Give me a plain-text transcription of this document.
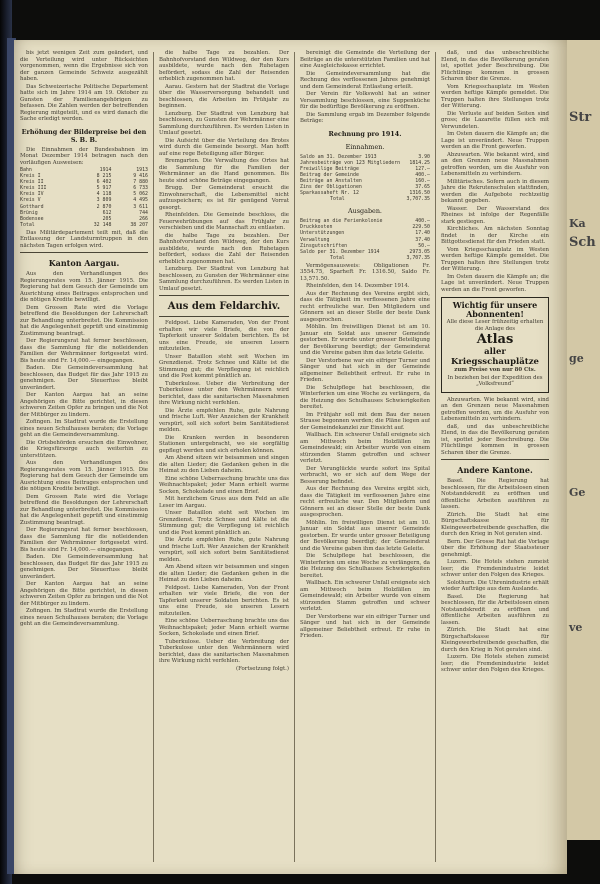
Str
Ka
Sch
ge
Ge
ve

bis jetzt wenigen Zeit zum geändert, und die Verteilung wird unter Rücksichten vorgenommen, wenn die Ergebnisse sich von der ganzen Gemeinde Schweiz ausgezählt haben.

Das Schweizerische Politische Departement hatte sich im Jahre 1914 am 19. Oktober zu Gunsten der Familienangehörigen zu befassen. Die Zahlen werden der betreffenden Regierung mitgeteilt, und es wird danach die Sache erledigt werden.

Erhöhung der Bilderpreise bei den S. B. B.

Die Einnahmen der Bundesbahnen im Monat Dezember 1914 betragen nach den vorläufigen Ausweisen:

Bahn	1914	1913
Kreis I	8 215	9 416
Kreis II	6 402	7 880
Kreis III	5 917	6 733
Kreis IV	4 118	5 062
Kreis V	3 809	4 495
Gotthard	2 870	3 611
Brünig	612	744
Bodensee	205	266
Total	32 148	38 207

Das Militärdepartement teilt mit, daß die Entlassung der Landsturmtruppen in den nächsten Tagen erfolgen wird.

Kanton Aargau.

Aus den Verhandlungen des Regierungsrates vom 15. Jänner 1915. Die Regierung hat dem Gesuch der Gemeinde um Ausrichtung eines Beitrages entsprochen und die nötigen Kredite bewilligt.

Dem Grossen Rate wird die Vorlage betreffend die Besoldungen der Lehrerschaft zur Behandlung unterbreitet. Die Kommission hat die Angelegenheit geprüft und einstimmig Zustimmung beantragt.

Der Regierungsrat hat ferner beschlossen, dass die Sammlung für die notleidenden Familien der Wehrmänner fortgesetzt wird. Bis heute sind Fr. 14,000.— eingegangen.

Baden. Die Gemeindeversammlung hat beschlossen, das Budget für das Jahr 1915 zu genehmigen. Der Steuerfuss bleibt unverändert.

Der Kanton Aargau hat an seine Angehörigen die Bitte gerichtet, in diesen schweren Zeiten Opfer zu bringen und die Not der Mitbürger zu lindern.

Zofingen. Im Stadtrat wurde die Erstellung eines neuen Schulhauses beraten; die Vorlage geht an die Gemeindeversammlung.

Die Ortsbehörden ersuchen die Einwohner, die Kriegsfürsorge auch weiterhin zu unterstützen.

Aus den Verhandlungen des Regierungsrates vom 15. Jänner 1915. Die Regierung hat dem Gesuch der Gemeinde um Ausrichtung eines Beitrages entsprochen und die nötigen Kredite bewilligt.

Dem Grossen Rate wird die Vorlage betreffend die Besoldungen der Lehrerschaft zur Behandlung unterbreitet. Die Kommission hat die Angelegenheit geprüft und einstimmig Zustimmung beantragt.

Der Regierungsrat hat ferner beschlossen, dass die Sammlung für die notleidenden Familien der Wehrmänner fortgesetzt wird. Bis heute sind Fr. 14,000.— eingegangen.

Baden. Die Gemeindeversammlung hat beschlossen, das Budget für das Jahr 1915 zu genehmigen. Der Steuerfuss bleibt unverändert.

Der Kanton Aargau hat an seine Angehörigen die Bitte gerichtet, in diesen schweren Zeiten Opfer zu bringen und die Not der Mitbürger zu lindern.

Zofingen. Im Stadtrat wurde die Erstellung eines neuen Schulhauses beraten; die Vorlage geht an die Gemeindeversammlung.

die halbe Tage zu bezahlen. Der Bahnhofvorstand den Wildweg, der den Kurs ausbildete, wurde nach den Ruhetagen befördert, sodass die Zahl der Reisenden erheblich zugenommen hat.

Aarau. Gestern hat der Stadtrat die Vorlage über die Wasserversorgung behandelt und beschlossen, die Arbeiten im Frühjahr zu beginnen.

Lenzburg. Der Stadtrat von Lenzburg hat beschlossen, zu Gunsten der Wehrmänner eine Sammlung durchzuführen. Es werden Listen in Umlauf gesetzt.

Die Aufsicht über die Verteilung des Brotes wird durch die Gemeinde besorgt. Man hofft auf eine rege Beteiligung aller Bürger.

Bremgarten. Die Verwaltung des Ortes hat die Sammlung für die Familien der Wehrmänner an die Hand genommen. Bis heute sind schöne Beträge eingegangen.

Brugg. Der Gemeinderat ersucht die Einwohnerschaft, die Lebensmittel nicht aufzuspeichern; es ist für genügend Vorrat gesorgt.

Rheinfelden. Die Gemeinde beschloss, die Feuerwehrübungen auf das Frühjahr zu verschieben und die Mannschaft zu entlasten.

die halbe Tage zu bezahlen. Der Bahnhofvorstand den Wildweg, der den Kurs ausbildete, wurde nach den Ruhetagen befördert, sodass die Zahl der Reisenden erheblich zugenommen hat.

Lenzburg. Der Stadtrat von Lenzburg hat beschlossen, zu Gunsten der Wehrmänner eine Sammlung durchzuführen. Es werden Listen in Umlauf gesetzt.

Aus dem Feldarchiv.

Feldpost. Liebe Kameraden, Von der Front erhalten wir viele Briefe, die von der Tapferkeit unserer Soldaten berichten. Es ist uns eine Freude, sie unseren Lesern mitzuteilen.

Unser Bataillon steht seit Wochen im Grenzdienst. Trotz Schnee und Kälte ist die Stimmung gut; die Verpflegung ist reichlich und die Post kommt pünktlich an.

Tuberkulose. Ueber die Verbreitung der Tuberkulose unter den Wehrmännern wird berichtet, dass die sanitarischen Massnahmen ihre Wirkung nicht verfehlen.

Die Ärzte empfehlen Ruhe, gute Nahrung und frische Luft. Wer Anzeichen der Krankheit verspürt, soll sich sofort beim Sanitätsdienst melden.

Die Kranken werden in besonderen Stationen untergebracht, wo sie sorgfältig gepflegt werden und sich erholen können.

Am Abend sitzen wir beisammen und singen die alten Lieder; die Gedanken gehen in die Heimat zu den Lieben daheim.

Eine schöne Ueberraschung brachte uns das Weihnachtspaket; jeder Mann erhielt warme Socken, Schokolade und einen Brief.

Mit herzlichem Gruss aus dem Feld an alle Leser im Aargau.

Unser Bataillon steht seit Wochen im Grenzdienst. Trotz Schnee und Kälte ist die Stimmung gut; die Verpflegung ist reichlich und die Post kommt pünktlich an.

Die Ärzte empfehlen Ruhe, gute Nahrung und frische Luft. Wer Anzeichen der Krankheit verspürt, soll sich sofort beim Sanitätsdienst melden.

Am Abend sitzen wir beisammen und singen die alten Lieder; die Gedanken gehen in die Heimat zu den Lieben daheim.

Feldpost. Liebe Kameraden, Von der Front erhalten wir viele Briefe, die von der Tapferkeit unserer Soldaten berichten. Es ist uns eine Freude, sie unseren Lesern mitzuteilen.

Eine schöne Ueberraschung brachte uns das Weihnachtspaket; jeder Mann erhielt warme Socken, Schokolade und einen Brief.

Tuberkulose. Ueber die Verbreitung der Tuberkulose unter den Wehrmännern wird berichtet, dass die sanitarischen Massnahmen ihre Wirkung nicht verfehlen.

(Fortsetzung folgt.)

bereinigt die Gemeinde die Verteilung der Beiträge an die unterstützten Familien und hat eine Ausgleichskasse errichtet.

Die Gemeindeversammlung hat die Rechnung des verflossenen Jahres genehmigt und dem Gemeinderat Entlastung erteilt.

Der Verein für Volkswohl hat an seiner Versammlung beschlossen, eine Suppenküche für die bedürftige Bevölkerung zu eröffnen.

Die Sammlung ergab im Dezember folgende Beträge:

Rechnung pro 1914.
Einnahmen.
Saldo am 31. Dezember 1913	3.90
Jahresbeiträge von 123 Mitgliedern	1814.25
Freiwillige Beiträge	127.—
Beitrag der Gemeinde	400.—
Beiträge an Anstalten	160.—
Zins der Obligationen	37.65
Sparkassaheft Nr. 12	1316.50
Total	3,707.35
Ausgaben.
Beitrag an die Ferienkolonie	400.—
Druckkosten	229.50
Unterstützungen	17.40
Verwaltung	37.40
Zinsgutschriften	50.—
Saldo per 31. Dezember 1914	2973.05
Total	3,707.35

Vermögensausweis: Obligationen Fr. 3554.75, Sparheft Fr. 1316.50, Saldo Fr. 13,571.50.

Rheinfelden, den 14. Dezember 1914.

Aus der Rechnung des Vereins ergibt sich, dass die Tätigkeit im verflossenen Jahre eine recht erfreuliche war. Den Mitgliedern und Gönnern sei an dieser Stelle der beste Dank ausgesprochen.

Möhlin. Im freiwilligen Dienst ist am 10. Januar ein Soldat aus unserer Gemeinde gestorben. Er wurde unter grosser Beteiligung der Bevölkerung beerdigt; der Gemeinderat und die Vereine gaben ihm das letzte Geleite.

Der Verstorbene war ein eifriger Turner und Sänger und hat sich in der Gemeinde allgemeiner Beliebtheit erfreut. Er ruhe in Frieden.

Die Schulpflege hat beschlossen, die Winterferien um eine Woche zu verlängern, da die Heizung des Schulhauses Schwierigkeiten bereitet.

Im Frühjahr soll mit dem Bau der neuen Strasse begonnen werden; die Pläne liegen auf der Gemeindekanzlei zur Einsicht auf.

Wallbach. Ein schwerer Unfall ereignete sich am Mittwoch beim Holzfällen im Gemeindewald; ein Arbeiter wurde von einem stürzenden Stamm getroffen und schwer verletzt.

Der Verunglückte wurde sofort ins Spital verbracht, wo er sich auf dem Wege der Besserung befindet.

Aus der Rechnung des Vereins ergibt sich, dass die Tätigkeit im verflossenen Jahre eine recht erfreuliche war. Den Mitgliedern und Gönnern sei an dieser Stelle der beste Dank ausgesprochen.

Möhlin. Im freiwilligen Dienst ist am 10. Januar ein Soldat aus unserer Gemeinde gestorben. Er wurde unter grosser Beteiligung der Bevölkerung beerdigt; der Gemeinderat und die Vereine gaben ihm das letzte Geleite.

Die Schulpflege hat beschlossen, die Winterferien um eine Woche zu verlängern, da die Heizung des Schulhauses Schwierigkeiten bereitet.

Wallbach. Ein schwerer Unfall ereignete sich am Mittwoch beim Holzfällen im Gemeindewald; ein Arbeiter wurde von einem stürzenden Stamm getroffen und schwer verletzt.

Der Verstorbene war ein eifriger Turner und Sänger und hat sich in der Gemeinde allgemeiner Beliebtheit erfreut. Er ruhe in Frieden.

daß, und das unbeschreibliche Elend, in das die Bevölkerung geraten ist, spottet jeder Beschreibung. Die Flüchtlinge kommen in grossen Scharen über die Grenze.

Vom Kriegsschauplatz im Westen werden heftige Kämpfe gemeldet. Die Truppen halten ihre Stellungen trotz der Witterung.

Die Verluste auf beiden Seiten sind gross; die Lazarette füllen sich mit Verwundeten.

Im Osten dauern die Kämpfe an; die Lage ist unverändert. Neue Truppen werden an die Front geworfen.

Abzuwarten. Wie bekannt wird, sind an den Grenzen neue Massnahmen getroffen worden, um die Ausfuhr von Lebensmitteln zu verhindern.

Militärisches. Sofern auch in diesem Jahre die Rekrutenschulen stattfinden, werden die Aufgebote rechtzeitig bekannt gegeben.

Wasser. Der Wasserstand des Rheines ist infolge der Regenfälle stark gestiegen.

Kirchliches. Am nächsten Sonntag findet in der Kirche ein Bittgottesdienst für den Frieden statt.

Vom Kriegsschauplatz im Westen werden heftige Kämpfe gemeldet. Die Truppen halten ihre Stellungen trotz der Witterung.

Im Osten dauern die Kämpfe an; die Lage ist unverändert. Neue Truppen werden an die Front geworfen.

Wichtig für unsere Abonnenten!

Alle diese Leser frühzeitig erhalten die Anlage des

Atlas
aller Kriegsschauplätze

zum Preise von nur 80 Cts.

In beziehen bei der Expedition des „Volksfreund“

Abzuwarten. Wie bekannt wird, sind an den Grenzen neue Massnahmen getroffen worden, um die Ausfuhr von Lebensmitteln zu verhindern.

daß, und das unbeschreibliche Elend, in das die Bevölkerung geraten ist, spottet jeder Beschreibung. Die Flüchtlinge kommen in grossen Scharen über die Grenze.

Andere Kantone.

Basel. Die Regierung hat beschlossen, für die Arbeitslosen einen Notstandskredit zu eröffnen und öffentliche Arbeiten ausführen zu lassen.

Zürich. Die Stadt hat eine Bürgschaftskasse für Kleingewerbetreibende geschaffen, die durch den Krieg in Not geraten sind.

Bern. Der Grosse Rat hat die Vorlage über die Erhöhung der Staatssteuer genehmigt.

Luzern. Die Hotels stehen zumeist leer; die Fremdenindustrie leidet schwer unter den Folgen des Krieges.

Solothurn. Die Uhrenindustrie erhält wieder Aufträge aus dem Auslande.

Basel. Die Regierung hat beschlossen, für die Arbeitslosen einen Notstandskredit zu eröffnen und öffentliche Arbeiten ausführen zu lassen.

Zürich. Die Stadt hat eine Bürgschaftskasse für Kleingewerbetreibende geschaffen, die durch den Krieg in Not geraten sind.

Luzern. Die Hotels stehen zumeist leer; die Fremdenindustrie leidet schwer unter den Folgen des Krieges.
